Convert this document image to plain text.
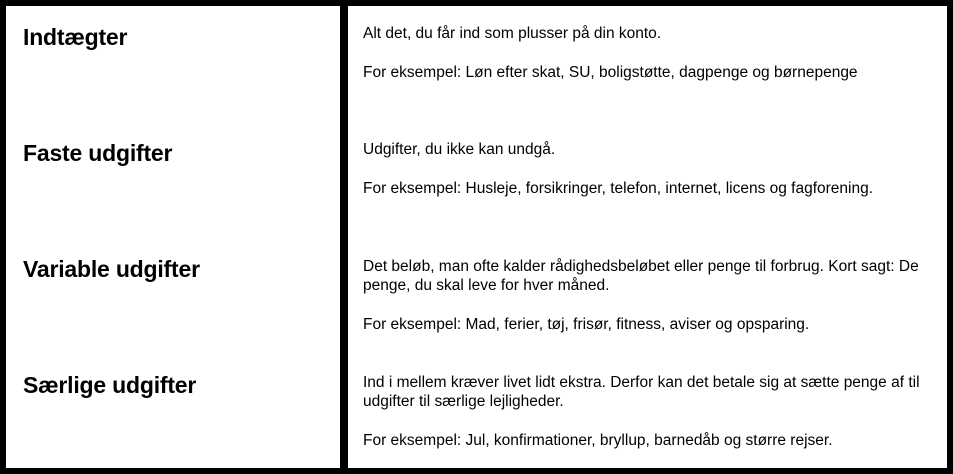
Indtægter
Faste udgifter
Variable udgifter
Særlige udgifter

Alt det, du får ind som plusser på din konto.

For eksempel: Løn efter skat, SU, boligstøtte, dagpenge og børnepenge

Udgifter, du ikke kan undgå.

For eksempel: Husleje, forsikringer, telefon, internet, licens og fagforening.

Det beløb, man ofte kalder rådighedsbeløbet eller penge til forbrug. Kort sagt: De penge, du skal leve for hver måned.

For eksempel: Mad, ferier, tøj, frisør, fitness, aviser og opsparing.

Ind i mellem kræver livet lidt ekstra. Derfor kan det betale sig at sætte penge af til udgifter til særlige lejligheder.

For eksempel: Jul, konfirmationer, bryllup, barnedåb og større rejser.
